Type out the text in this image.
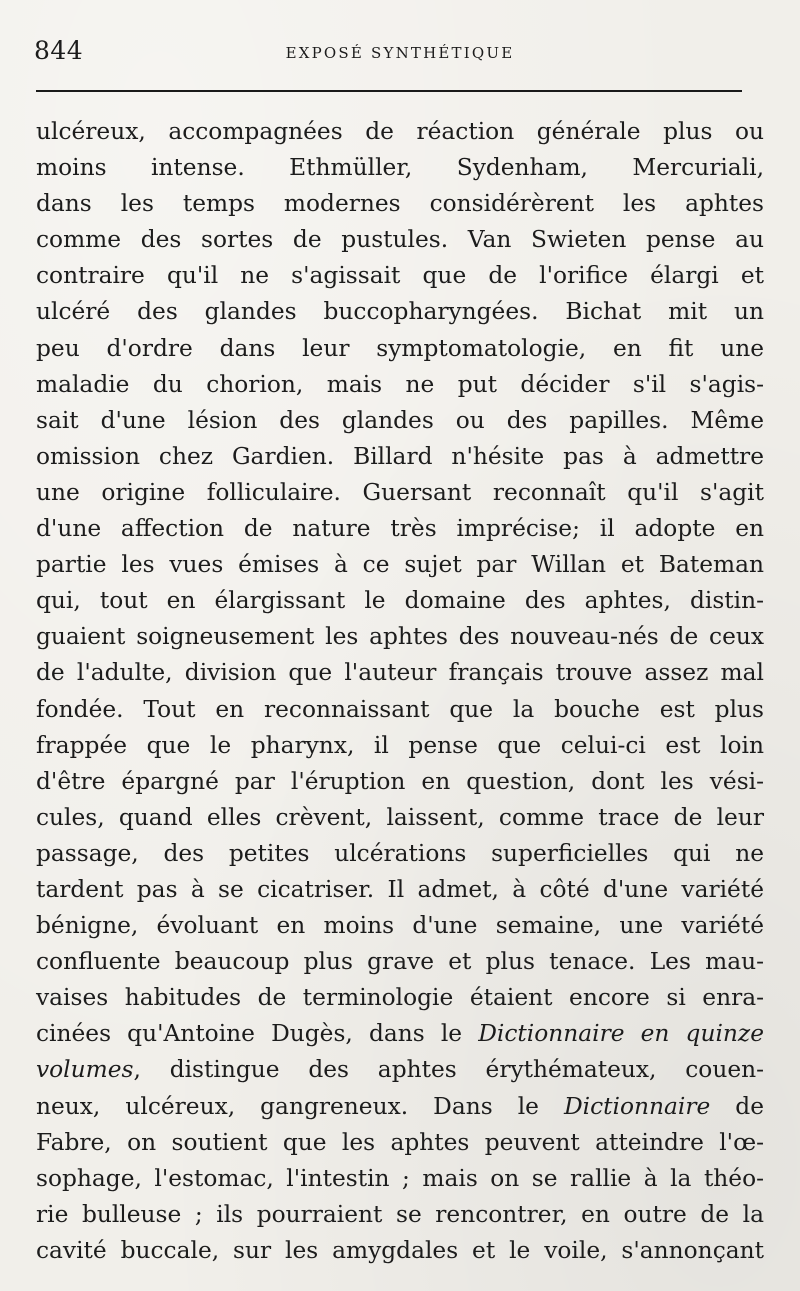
844	EXPOSÉ SYNTHÉTIQUE
ulcéreux, accompagnées de réaction générale plus ou
moins intense. Ethmüller, Sydenham, Mercuriali,
dans les temps modernes considérèrent les aphtes
comme des sortes de pustules. Van Swieten pense au
contraire qu'il ne s'agissait que de l'orifice élargi et
ulcéré des glandes buccopharyngées. Bichat mit un
peu d'ordre dans leur symptomatologie, en fit une
maladie du chorion, mais ne put décider s'il s'agis-
sait d'une lésion des glandes ou des papilles. Même
omission chez Gardien. Billard n'hésite pas à admettre
une origine folliculaire. Guersant reconnaît qu'il s'agit
d'une affection de nature très imprécise; il adopte en
partie les vues émises à ce sujet par Willan et Bateman
qui, tout en élargissant le domaine des aphtes, distin-
guaient soigneusement les aphtes des nouveau-nés de ceux
de l'adulte, division que l'auteur français trouve assez mal
fondée. Tout en reconnaissant que la bouche est plus
frappée que le pharynx, il pense que celui-ci est loin
d'être épargné par l'éruption en question, dont les vési-
cules, quand elles crèvent, laissent, comme trace de leur
passage, des petites ulcérations superficielles qui ne
tardent pas à se cicatriser. Il admet, à côté d'une variété
bénigne, évoluant en moins d'une semaine, une variété
confluente beaucoup plus grave et plus tenace. Les mau-
vaises habitudes de terminologie étaient encore si enra-
cinées qu'Antoine Dugès, dans le Dictionnaire en quinze
volumes, distingue des aphtes érythémateux, couen-
neux, ulcéreux, gangreneux. Dans le Dictionnaire de
Fabre, on soutient que les aphtes peuvent atteindre l'œ-
sophage, l'estomac, l'intestin ; mais on se rallie à la théo-
rie bulleuse ; ils pourraient se rencontrer, en outre de la
cavité buccale, sur les amygdales et le voile, s'annonçant
